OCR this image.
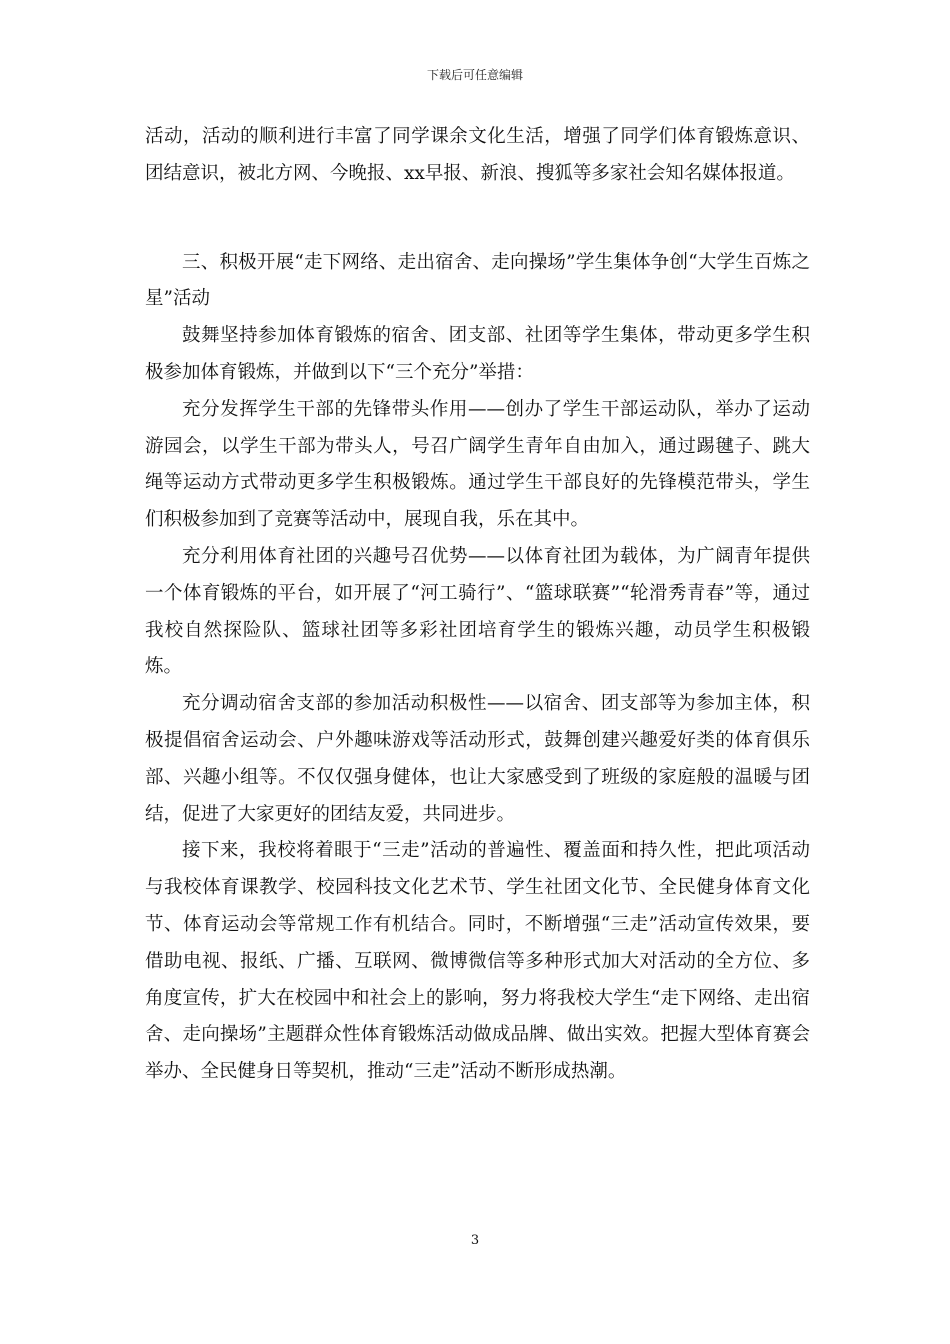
下载后可任意编辑

活动，活动的顺利进行丰富了同学课余文化生活，增强了同学们体育锻炼意识、团结意识，被北方网、今晚报、xx早报、新浪、搜狐等多家社会知名媒体报道。

三、积极开展“走下网络、走出宿舍、走向操场”学生集体争创“大学生百炼之星”活动

鼓舞坚持参加体育锻炼的宿舍、团支部、社团等学生集体，带动更多学生积极参加体育锻炼，并做到以下“三个充分”举措：

充分发挥学生干部的先锋带头作用——创办了学生干部运动队，举办了运动游园会，以学生干部为带头人，号召广阔学生青年自由加入，通过踢毽子、跳大绳等运动方式带动更多学生积极锻炼。通过学生干部良好的先锋模范带头，学生们积极参加到了竞赛等活动中，展现自我，乐在其中。

充分利用体育社团的兴趣号召优势——以体育社团为载体，为广阔青年提供一个体育锻炼的平台，如开展了“河工骑行”、“篮球联赛”“轮滑秀青春”等，通过我校自然探险队、篮球社团等多彩社团培育学生的锻炼兴趣，动员学生积极锻炼。

充分调动宿舍支部的参加活动积极性——以宿舍、团支部等为参加主体，积极提倡宿舍运动会、户外趣味游戏等活动形式，鼓舞创建兴趣爱好类的体育俱乐部、兴趣小组等。不仅仅强身健体，也让大家感受到了班级的家庭般的温暖与团结，促进了大家更好的团结友爱，共同进步。

接下来，我校将着眼于“三走”活动的普遍性、覆盖面和持久性，把此项活动与我校体育课教学、校园科技文化艺术节、学生社团文化节、全民健身体育文化节、体育运动会等常规工作有机结合。同时，不断增强“三走”活动宣传效果，要借助电视、报纸、广播、互联网、微博微信等多种形式加大对活动的全方位、多角度宣传，扩大在校园中和社会上的影响，努力将我校大学生“走下网络、走出宿舍、走向操场”主题群众性体育锻炼活动做成品牌、做出实效。把握大型体育赛会举办、全民健身日等契机，推动“三走”活动不断形成热潮。

3
